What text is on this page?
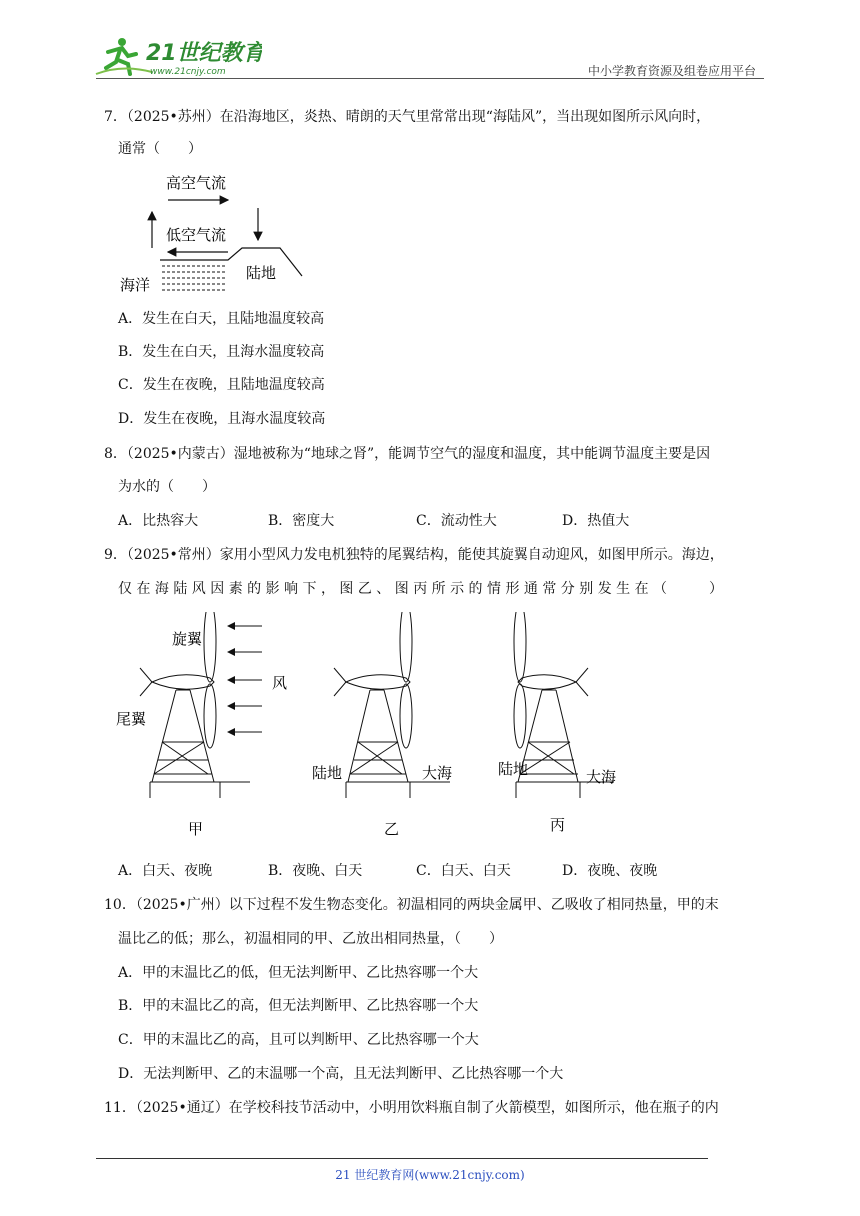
21世纪教育
www.21cnjy.com	中小学教育资源及组卷应用平台
7．（2025•苏州）在沿海地区，炎热、晴朗的天气里常常出现“海陆风”，当出现如图所示风向时，
通常（　　）
高空气流
低空气流
海洋
陆地
A．发生在白天，且陆地温度较高
B．发生在白天，且海水温度较高
C．发生在夜晚，且陆地温度较高
D．发生在夜晚，且海水温度较高
8．（2025•内蒙古）湿地被称为“地球之肾”，能调节空气的湿度和温度，其中能调节温度主要是因
为水的（　　）
A．比热容大	B．密度大	C．流动性大	D．热值大
9．（2025•常州）家用小型风力发电机独特的尾翼结构，能使其旋翼自动迎风，如图甲所示。海边，
仅 在 海 陆 风 因 素 的 影 响 下 ， 图 乙 、 图 丙 所 示 的 情 形 通 常 分 别 发 生 在 （　　　）
旋翼
尾翼
风
甲
陆地	大海
乙
陆地	大海
丙
A．白天、夜晚	B．夜晚、白天	C．白天、白天	D．夜晚、夜晚
10．（2025•广州）以下过程不发生物态变化。初温相同的两块金属甲、乙吸收了相同热量，甲的末
温比乙的低；那么，初温相同的甲、乙放出相同热量，（　　）
A．甲的末温比乙的低，但无法判断甲、乙比热容哪一个大
B．甲的末温比乙的高，但无法判断甲、乙比热容哪一个大
C．甲的末温比乙的高，且可以判断甲、乙比热容哪一个大
D．无法判断甲、乙的末温哪一个高，且无法判断甲、乙比热容哪一个大
11．（2025•通辽）在学校科技节活动中，小明用饮料瓶自制了火箭模型，如图所示，他在瓶子的内
21 世纪教育网(www.21cnjy.com)
